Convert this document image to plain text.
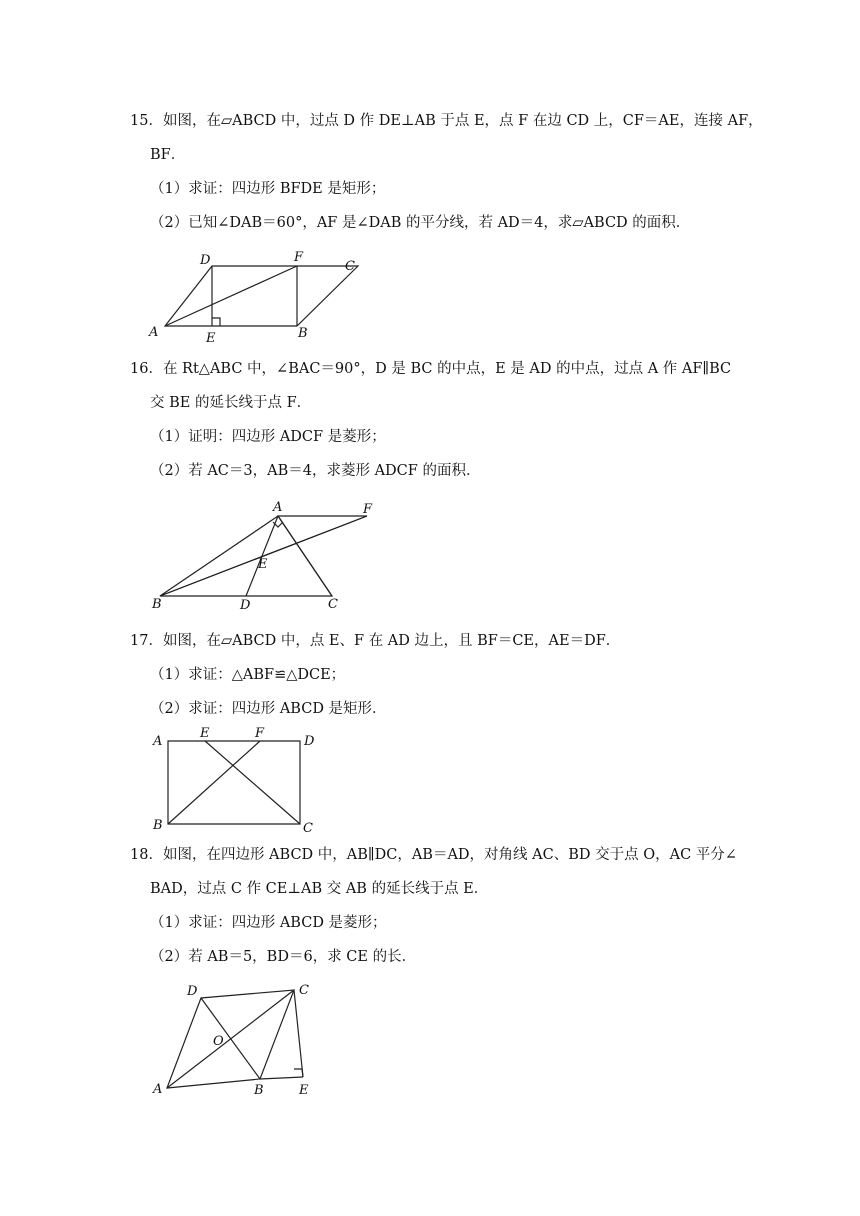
15．如图，在▱ABCD 中，过点 D 作 DE⊥AB 于点 E，点 F 在边 CD 上，CF＝AE，连接 AF，
BF．
（1）求证：四边形 BFDE 是矩形；
（2）已知∠DAB＝60°，AF 是∠DAB 的平分线，若 AD＝4，求▱ABCD 的面积．
A
D	F
C
B
E
16．在 Rt△ABC 中，∠BAC＝90°，D 是 BC 的中点，E 是 AD 的中点，过点 A 作 AF∥BC
交 BE 的延长线于点 F．
（1）证明：四边形 ADCF 是菱形；
（2）若 AC＝3，AB＝4，求菱形 ADCF 的面积．
A	F
E
B	D	C
17．如图，在▱ABCD 中，点 E、F 在 AD 边上，且 BF＝CE，AE＝DF．
（1）求证：△ABF≌△DCE；
（2）求证：四边形 ABCD 是矩形．
A
E	F
D
B	C
18．如图，在四边形 ABCD 中，AB∥DC，AB＝AD，对角线 AC、BD 交于点 O，AC 平分∠
BAD，过点 C 作 CE⊥AB 交 AB 的延长线于点 E．
（1）求证：四边形 ABCD 是菱形；
（2）若 AB＝5，BD＝6，求 CE 的长．
D	C
O
A	B	E
